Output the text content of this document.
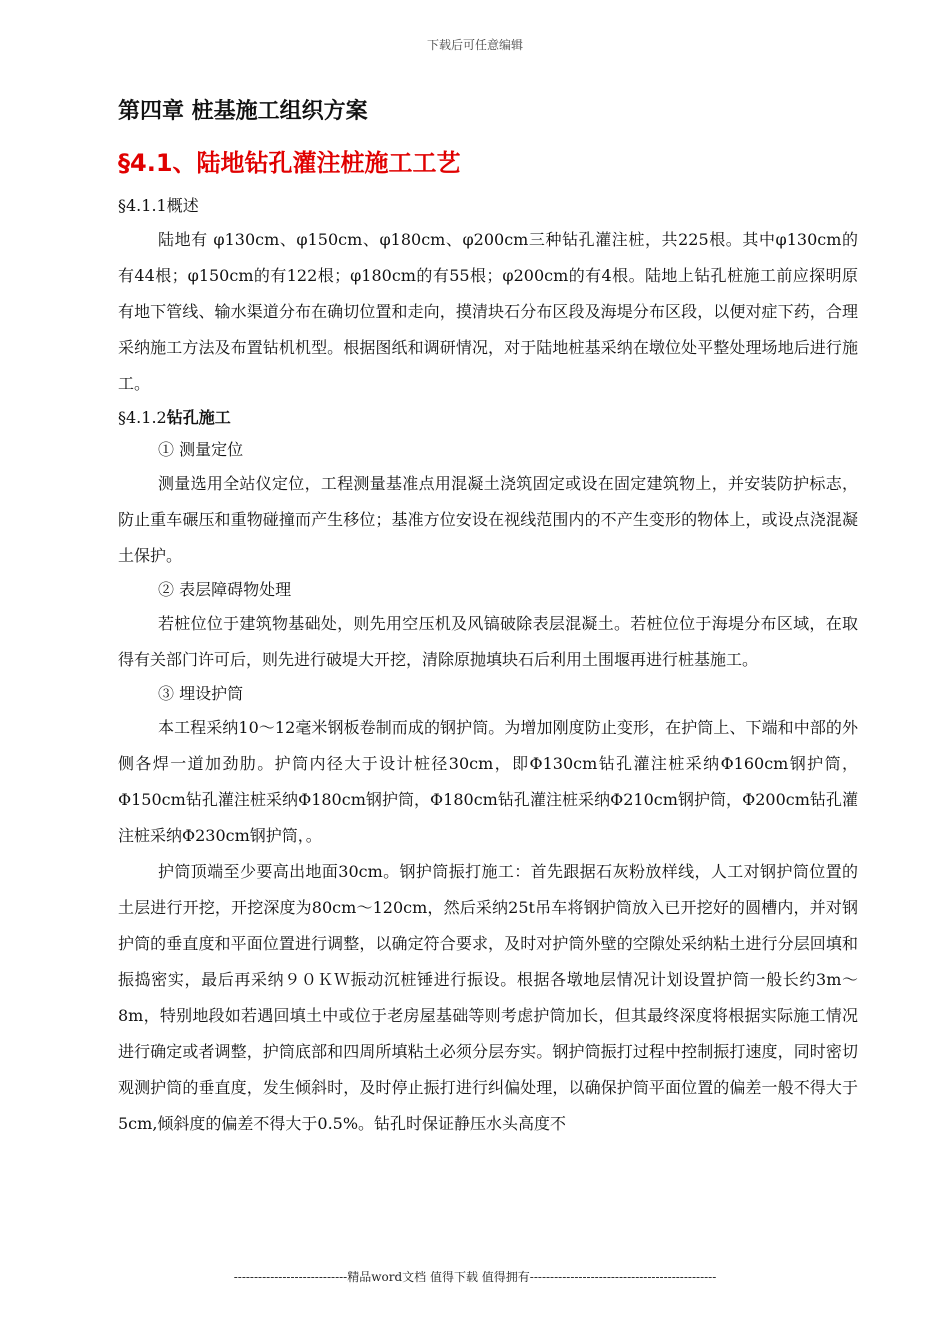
下载后可任意编辑
第四章 桩基施工组织方案
§4.1、陆地钻孔灌注桩施工工艺
§4.1.1概述

陆地有 φ130cm、φ150cm、φ180cm、φ200cm三种钻孔灌注桩，共225根。其中φ130cm的有44根；φ150cm的有122根；φ180cm的有55根；φ200cm的有4根。陆地上钻孔桩施工前应探明原有地下管线、输水渠道分布在确切位置和走向，摸清块石分布区段及海堤分布区段，以便对症下药，合理采纳施工方法及布置钻机机型。根据图纸和调研情况，对于陆地桩基采纳在墩位处平整处理场地后进行施工。

§4.1.2钻孔施工
① 测量定位

测量选用全站仪定位，工程测量基准点用混凝土浇筑固定或设在固定建筑物上，并安装防护标志，防止重车碾压和重物碰撞而产生移位；基准方位安设在视线范围内的不产生变形的物体上，或设点浇混凝土保护。

② 表层障碍物处理

若桩位位于建筑物基础处，则先用空压机及风镐破除表层混凝土。若桩位位于海堤分布区域，在取得有关部门许可后，则先进行破堤大开挖，清除原抛填块石后利用土围堰再进行桩基施工。

③ 埋设护筒

本工程采纳10～12毫米钢板卷制而成的钢护筒。为增加刚度防止变形，在护筒上、下端和中部的外侧各焊一道加劲肋。护筒内径大于设计桩径30cm，即Φ130cm钻孔灌注桩采纳Φ160cm钢护筒，Φ150cm钻孔灌注桩采纳Φ180cm钢护筒，Φ180cm钻孔灌注桩采纳Φ210cm钢护筒，Φ200cm钻孔灌注桩采纳Φ230cm钢护筒，。

护筒顶端至少要高出地面30cm。钢护筒振打施工：首先跟据石灰粉放样线，人工对钢护筒位置的土层进行开挖，开挖深度为80cm～120cm，然后采纳25t吊车将钢护筒放入已开挖好的圆槽内，并对钢护筒的垂直度和平面位置进行调整，以确定符合要求，及时对护筒外壁的空隙处采纳粘土进行分层回填和振捣密实，最后再采纳９０ＫＷ振动沉桩锤进行振设。根据各墩地层情况计划设置护筒一般长约3m～8m，特别地段如若遇回填土中或位于老房屋基础等则考虑护筒加长，但其最终深度将根据实际施工情况进行确定或者调整，护筒底部和四周所填粘土必须分层夯实。钢护筒振打过程中控制振打速度，同时密切观测护筒的垂直度，发生倾斜时，及时停止振打进行纠偏处理，以确保护筒平面位置的偏差一般不得大于5cm,倾斜度的偏差不得大于0.5%。钻孔时保证静压水头高度不

----------------------------精品word文档 值得下载 值得拥有----------------------------------------------
